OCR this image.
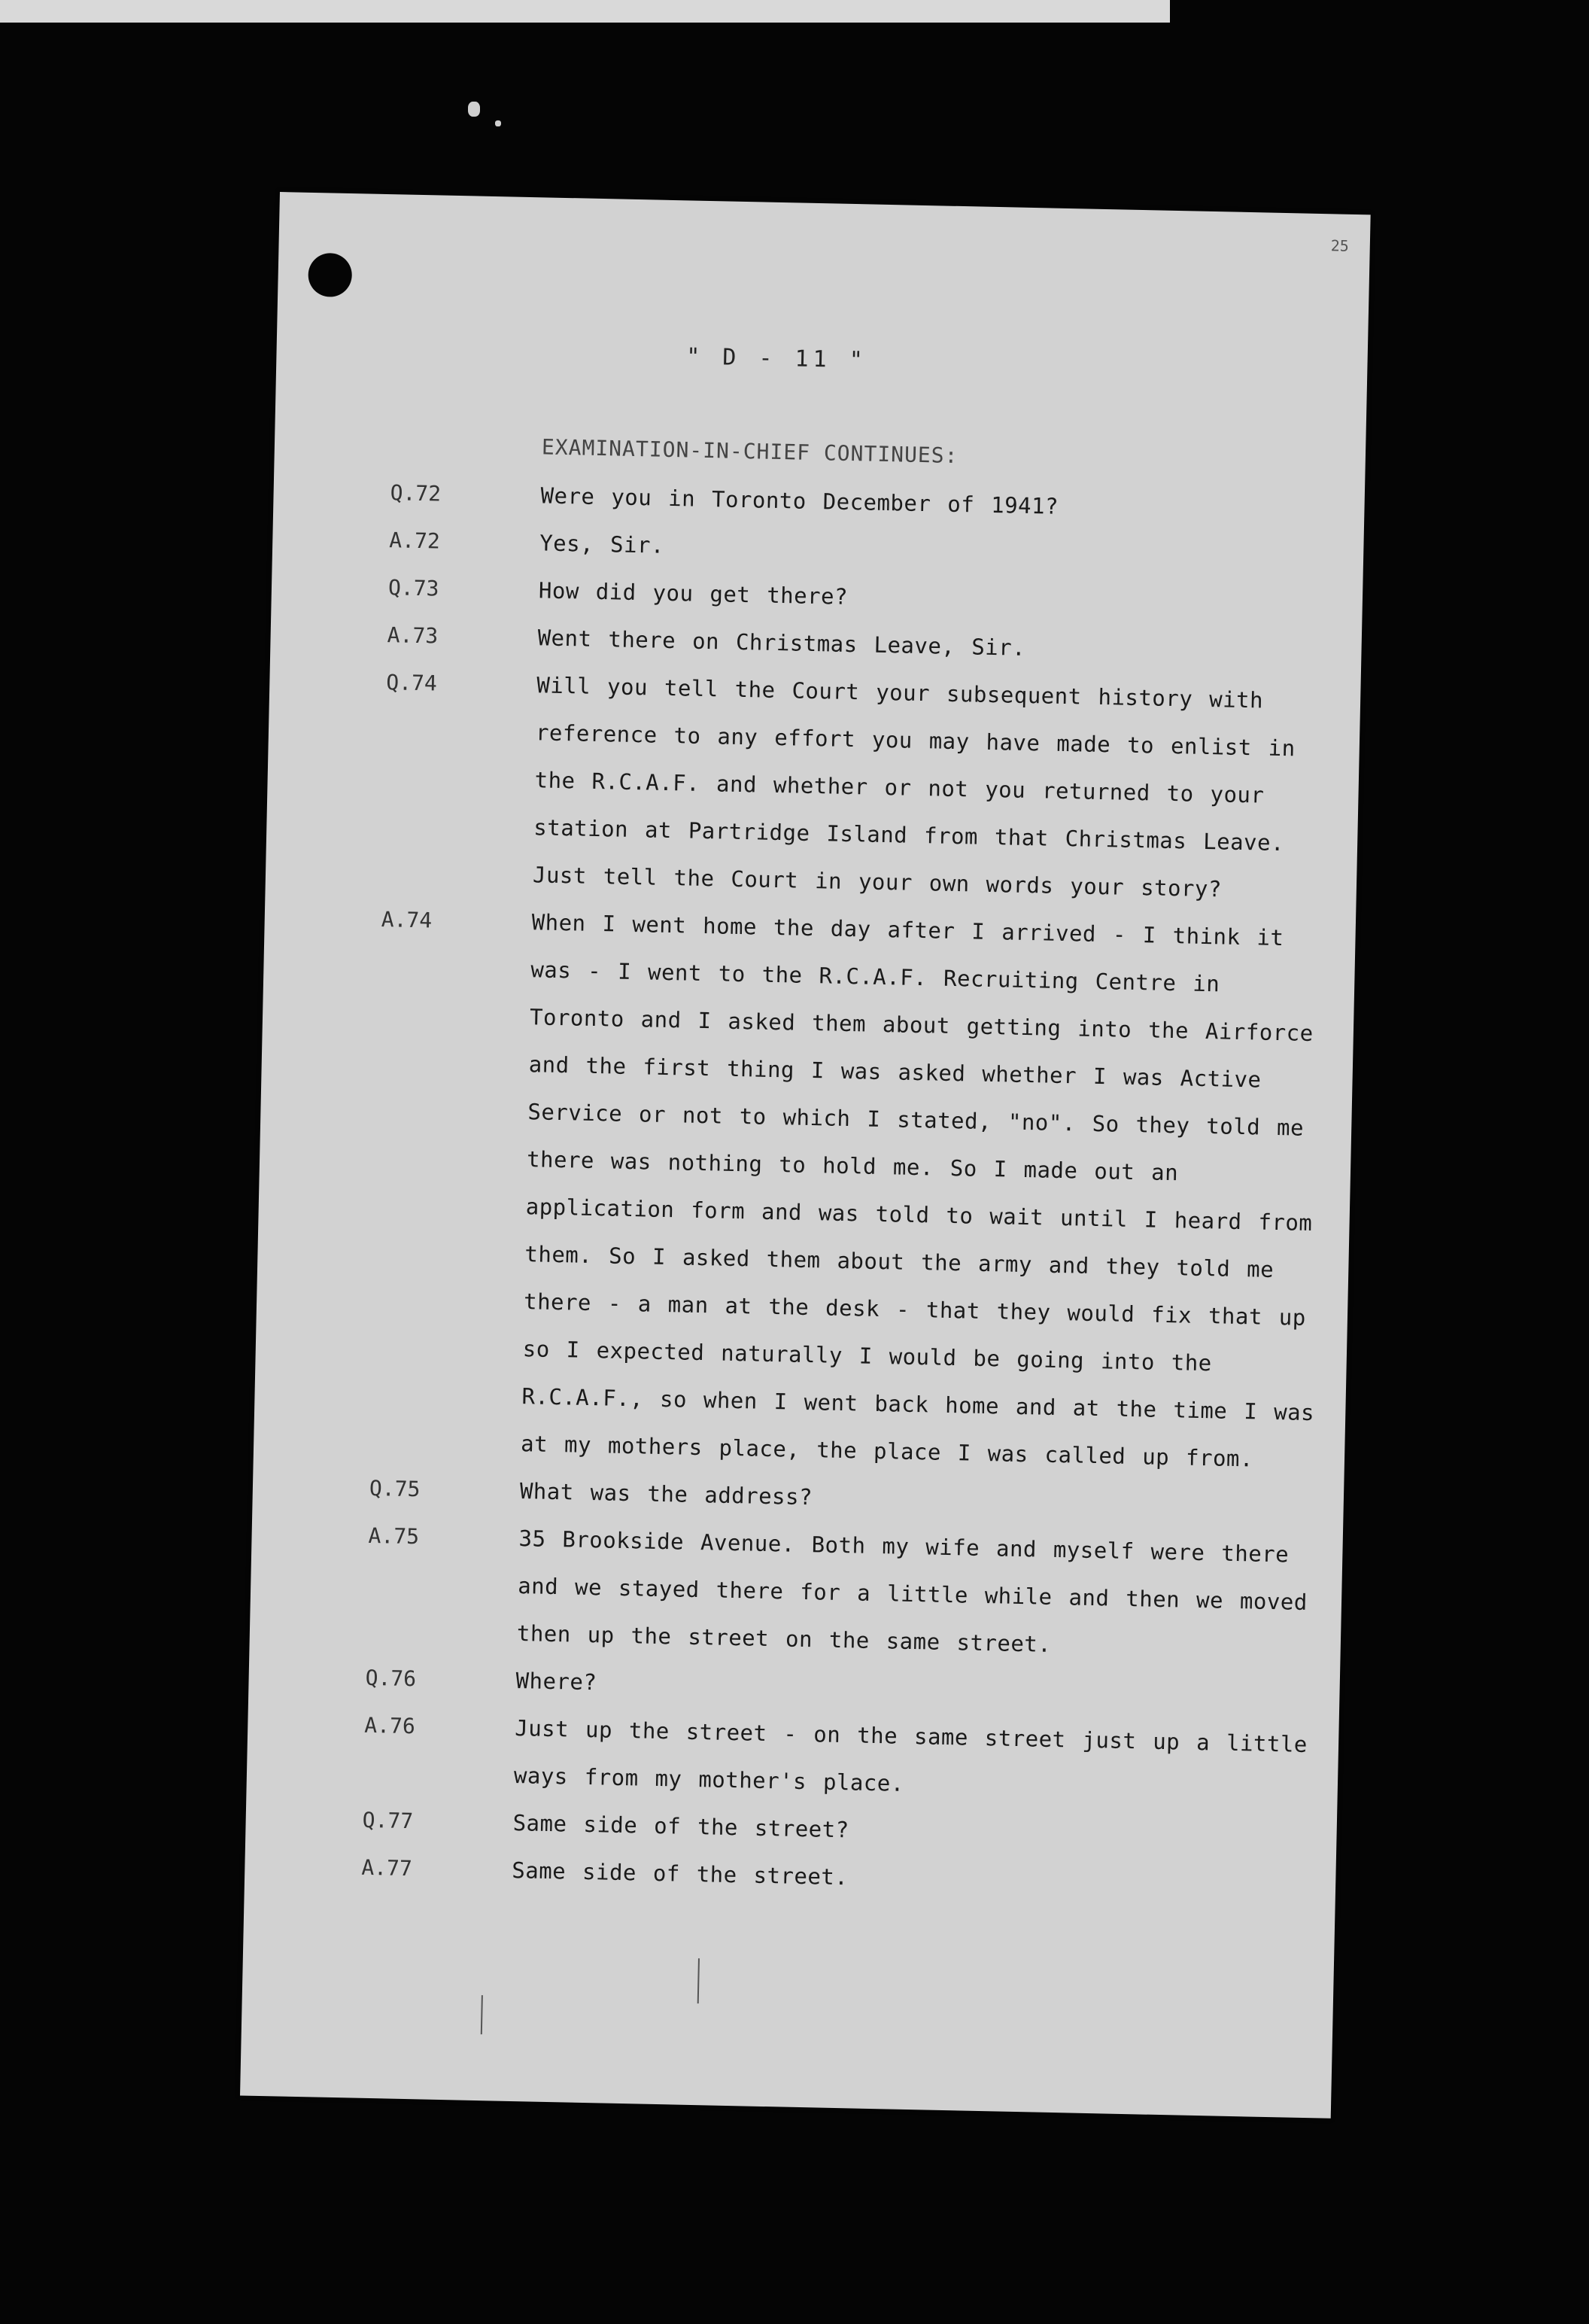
25
" D - 11 "
EXAMINATION-IN-CHIEF CONTINUES:
Q.72	Were you in Toronto December of 1941?
A.72	Yes, Sir.
Q.73	How did you get there?
A.73	Went there on Christmas Leave, Sir.
Q.74	Will you tell the Court your subsequent history with reference to any effort you may have made to enlist in the R.C.A.F. and whether or not you returned to your station at Partridge Island from that Christmas Leave. Just tell the Court in your own words your story?
A.74	When I went home the day after I arrived - I think it was - I went to the R.C.A.F. Recruiting Centre in Toronto and I asked them about getting into the Airforce and the first thing I was asked whether I was Active Service or not to which I stated, "no". So they told me there was nothing to hold me. So I made out an application form and was told to wait until I heard from them. So I asked them about the army and they told me there - a man at the desk - that they would fix that up so I expected naturally I would be going into the R.C.A.F., so when I went back home and at the time I was at my mothers place, the place I was called up from.
Q.75	What was the address?
A.75	35 Brookside Avenue. Both my wife and myself were there and we stayed there for a little while and then we moved then up the street on the same street.
Q.76	Where?
A.76	Just up the street - on the same street just up a little ways from my mother's place.
Q.77	Same side of the street?
A.77	Same side of the street.
